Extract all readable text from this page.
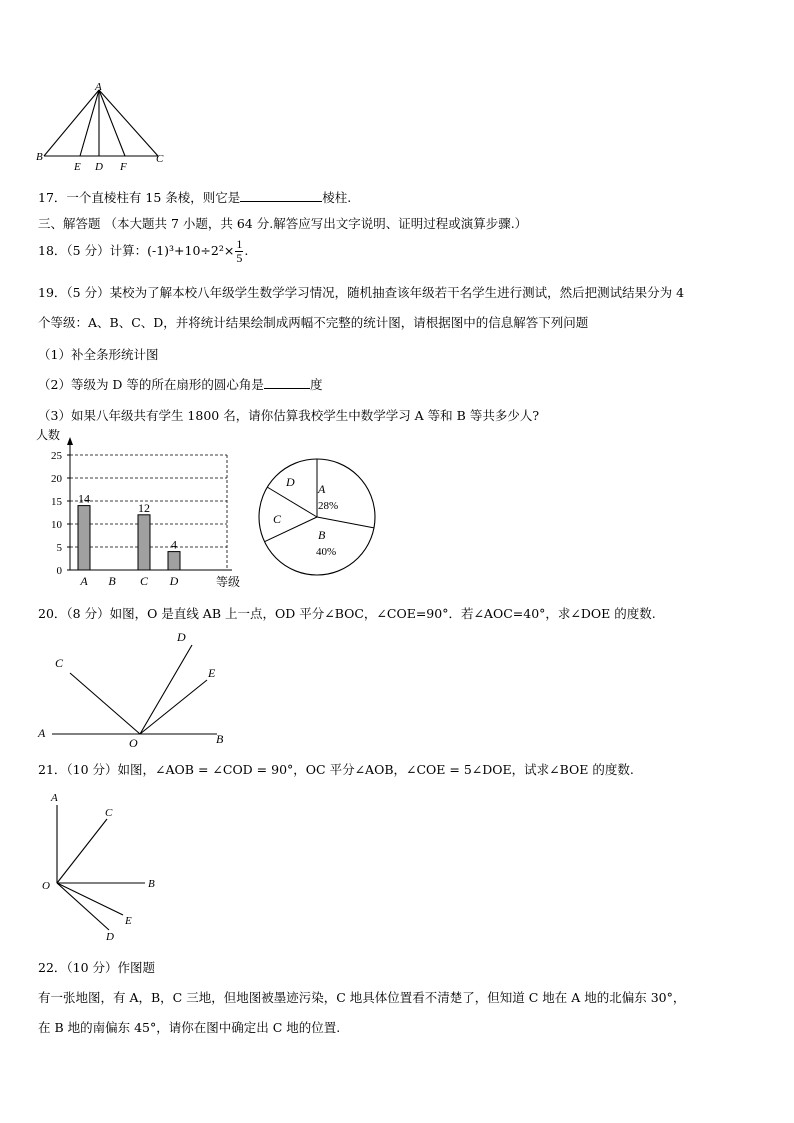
A
B
E D F
C
17．一个直棱柱有 15 条棱，则它是	棱柱.
三、解答题 （本大题共 7 小题，共 64 分.解答应写出文字说明、证明过程或演算步骤.）
18．（5 分）计算：$(-1)^3+10\div 2^2\times \frac{1}{5}$ .
19．（5 分）某校为了解本校八年级学生数学学习情况，随机抽查该年级若干名学生进行测试，然后把测试结果分为 4
个等级：A、B、C、D，并将统计结果绘制成两幅不完整的统计图，请根据图中的信息解答下列问题
（1）补全条形统计图
（2）等级为 D 等的所在扇形的圆心角是	度
（3）如果八年级共有学生 1800 名，请你估算我校学生中数学学习 A 等和 B 等共多少人?
人数
0
5
10
15
20
25
A
14
B C
12
D
4
等级
A
28%
B
40%
C
D
20．（8 分）如图，O 是直线 AB 上一点，OD 平分∠BOC，∠COE=90°．若∠AOC=40°，求∠DOE 的度数.
C
D
E
A
O	B
21．（10 分）如图，∠AOB = ∠COD = 90°，OC 平分∠AOB，∠COE = 5∠DOE，试求∠BOE 的度数.
A
C
O	B
E
D
22．（10 分）作图题
有一张地图，有 A，B，C 三地，但地图被墨迹污染，C 地具体位置看不清楚了，但知道 C 地在 A 地的北偏东 30°，
在 B 地的南偏东 45°，请你在图中确定出 C 地的位置.
